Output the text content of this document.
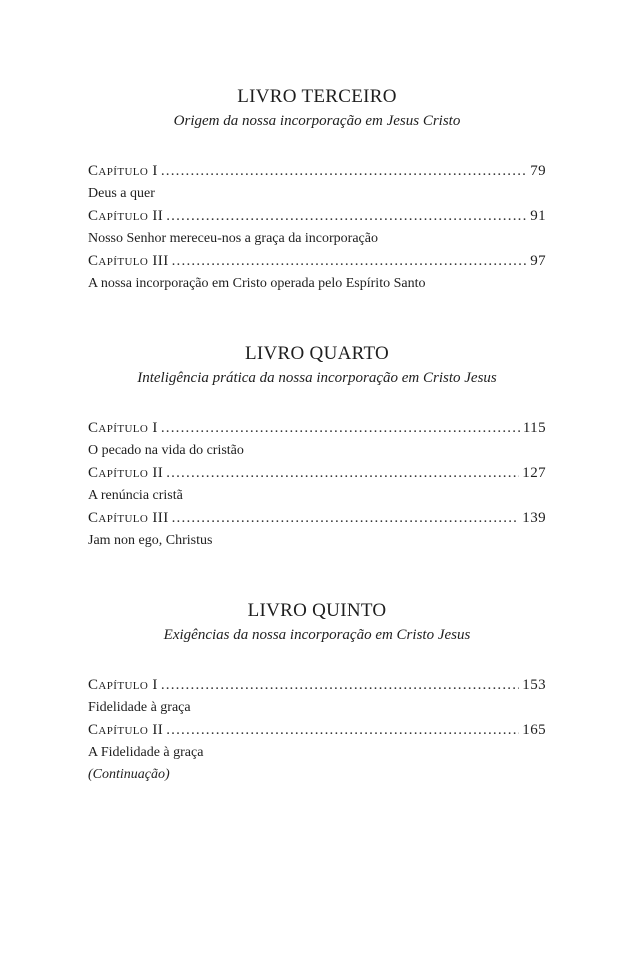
LIVRO TERCEIRO
Origem da nossa incorporação em Jesus Cristo
Capítulo I .....	79

Deus a quer

Capítulo II .....	91

Nosso Senhor mereceu-nos a graça da incorporação

Capítulo III .....	97

A nossa incorporação em Cristo operada pelo Espírito Santo

LIVRO QUARTO
Inteligência prática da nossa incorporação em Cristo Jesus
Capítulo I .....	115

O pecado na vida do cristão

Capítulo II .....	127

A renúncia cristã

Capítulo III .....	139

Jam non ego, Christus

LIVRO QUINTO
Exigências da nossa incorporação em Cristo Jesus
Capítulo I .....	153

Fidelidade à graça

Capítulo II .....	165

A Fidelidade à graça

(Continuação)
